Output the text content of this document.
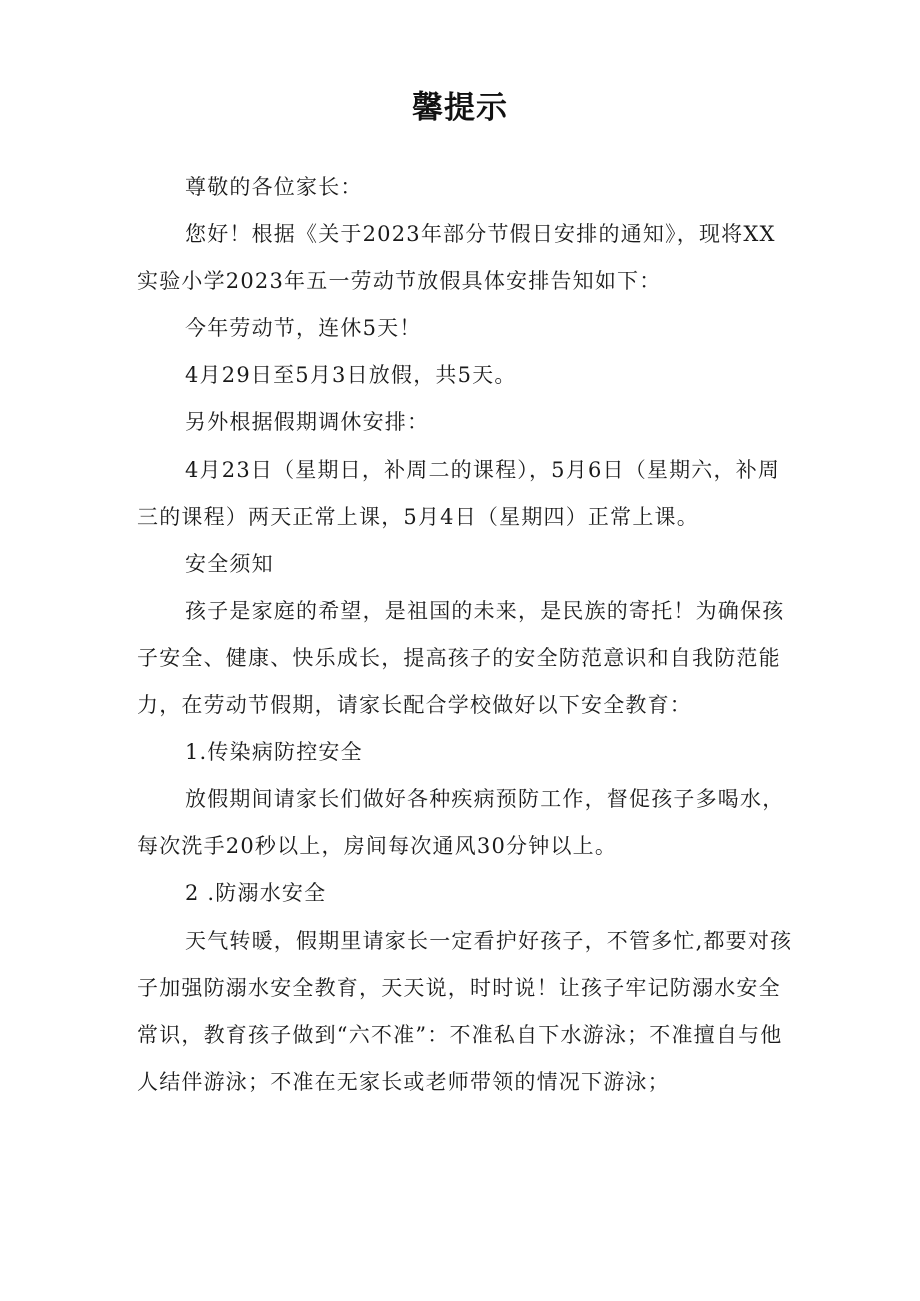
馨提示

尊敬的各位家长：

您好！根据《关于2023年部分节假日安排的通知》，现将XX实验小学2023年五一劳动节放假具体安排告知如下：

今年劳动节，连休5天！

4月29日至5月3日放假，共5天。

另外根据假期调休安排：

4月23日（星期日，补周二的课程），5月6日（星期六，补周三的课程）两天正常上课，5月4日（星期四）正常上课。

安全须知

孩子是家庭的希望，是祖国的未来，是民族的寄托！为确保孩子安全、健康、快乐成长，提高孩子的安全防范意识和自我防范能力，在劳动节假期，请家长配合学校做好以下安全教育：

1.传染病防控安全

放假期间请家长们做好各种疾病预防工作，督促孩子多喝水，每次洗手20秒以上，房间每次通风30分钟以上。

2 .防溺水安全

天气转暖，假期里请家长一定看护好孩子，不管多忙,都要对孩子加强防溺水安全教育，天天说，时时说！让孩子牢记防溺水安全常识，教育孩子做到“六不准”：不准私自下水游泳；不准擅自与他人结伴游泳；不准在无家长或老师带领的情况下游泳；
